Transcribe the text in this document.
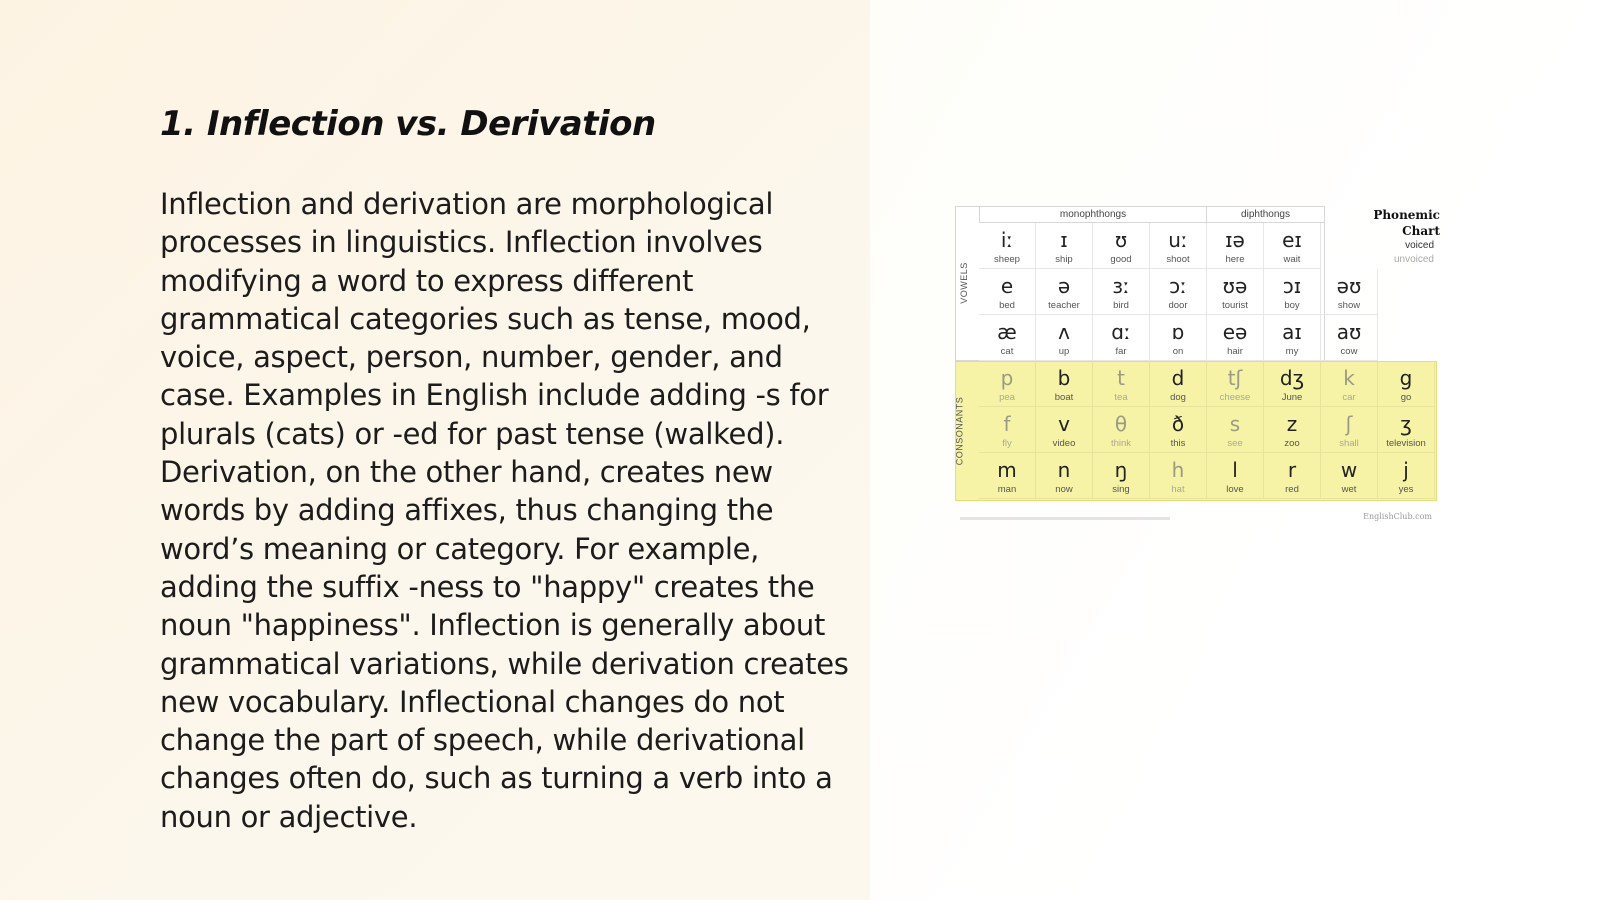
1. Inflection vs. Derivation

Inflection and derivation are morphological processes in linguistics. Inflection involves modifying a word to express different grammatical categories such as tense, mood, voice, aspect, person, number, gender, and case. Examples in English include adding -s for plurals (cats) or -ed for past tense (walked). Derivation, on the other hand, creates new words by adding affixes, thus changing the word’s meaning or category. For example, adding the suffix -ness to "happy" creates the noun "happiness". Inflection is generally about grammatical variations, while derivation creates new vocabulary. Inflectional changes do not change the part of speech, while derivational changes often do, such as turning a verb into a noun or adjective.

monophthongs	diphthongs
VOWELS
CONSONANTS
Phonemic
Chart
voiced
unvoiced
iː
sheep
ɪ
ship
ʊ
good
uː
shoot
ɪə
here
eɪ
wait
e
bed
ə
teacher
ɜː
bird
ɔː
door
ʊə
tourist
ɔɪ
boy
əʊ
show
æ
cat
ʌ
up
ɑː
far
ɒ
on
eə
hair
aɪ
my
aʊ
cow
p
pea
b
boat
t
tea
d
dog
tʃ
cheese
dʒ
June
k
car
g
go
f
fly
v
video
θ
think
ð
this
s
see
z
zoo
ʃ
shall
ʒ
television
m
man
n
now
ŋ
sing
h
hat
l
love
r
red
w
wet
j
yes
EnglishClub.com
